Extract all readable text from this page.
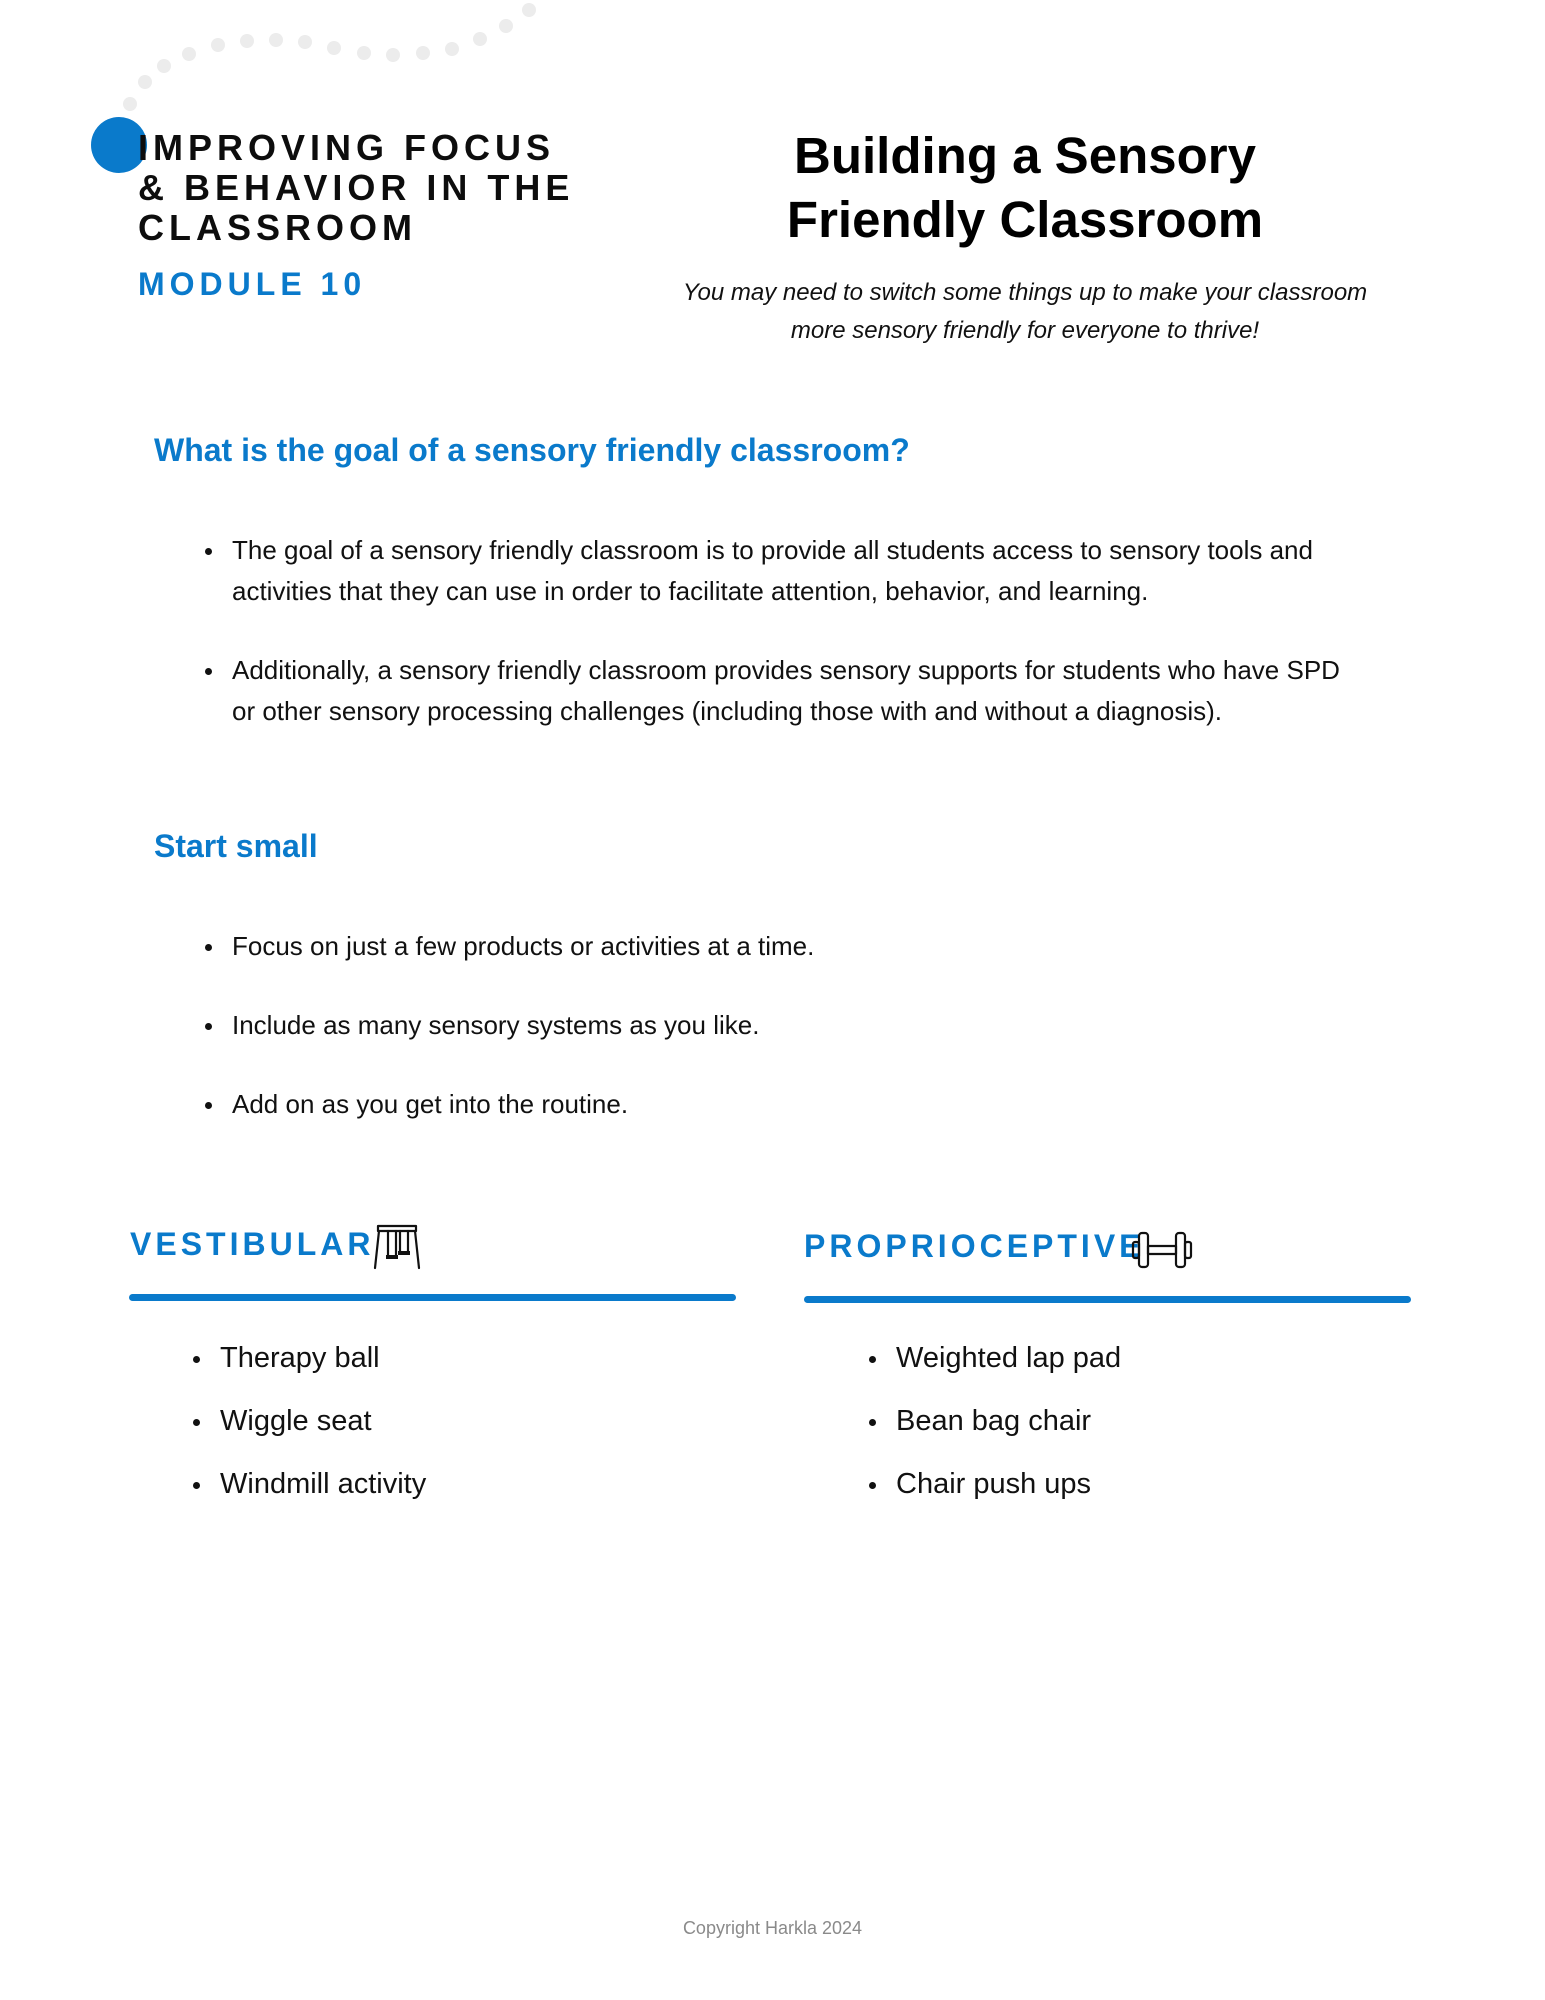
IMPROVING FOCUS
& BEHAVIOR IN THE
CLASSROOM
MODULE 10
Building a Sensory
Friendly Classroom
You may need to switch some things up to make your classroom
more sensory friendly for everyone to thrive!
What is the goal of a sensory friendly classroom?
The goal of a sensory friendly classroom is to provide all students access to sensory tools and activities that they can use in order to facilitate attention, behavior, and learning.
Additionally, a sensory friendly classroom provides sensory supports for students who have SPD or other sensory processing challenges (including those with and without a diagnosis).
Start small
Focus on just a few products or activities at a time.
Include as many sensory systems as you like.
Add on as you get into the routine.
VESTIBULAR
Therapy ball
Wiggle seat
Windmill activity
PROPRIOCEPTIVE
Weighted lap pad
Bean bag chair
Chair push ups
Copyright Harkla 2024
